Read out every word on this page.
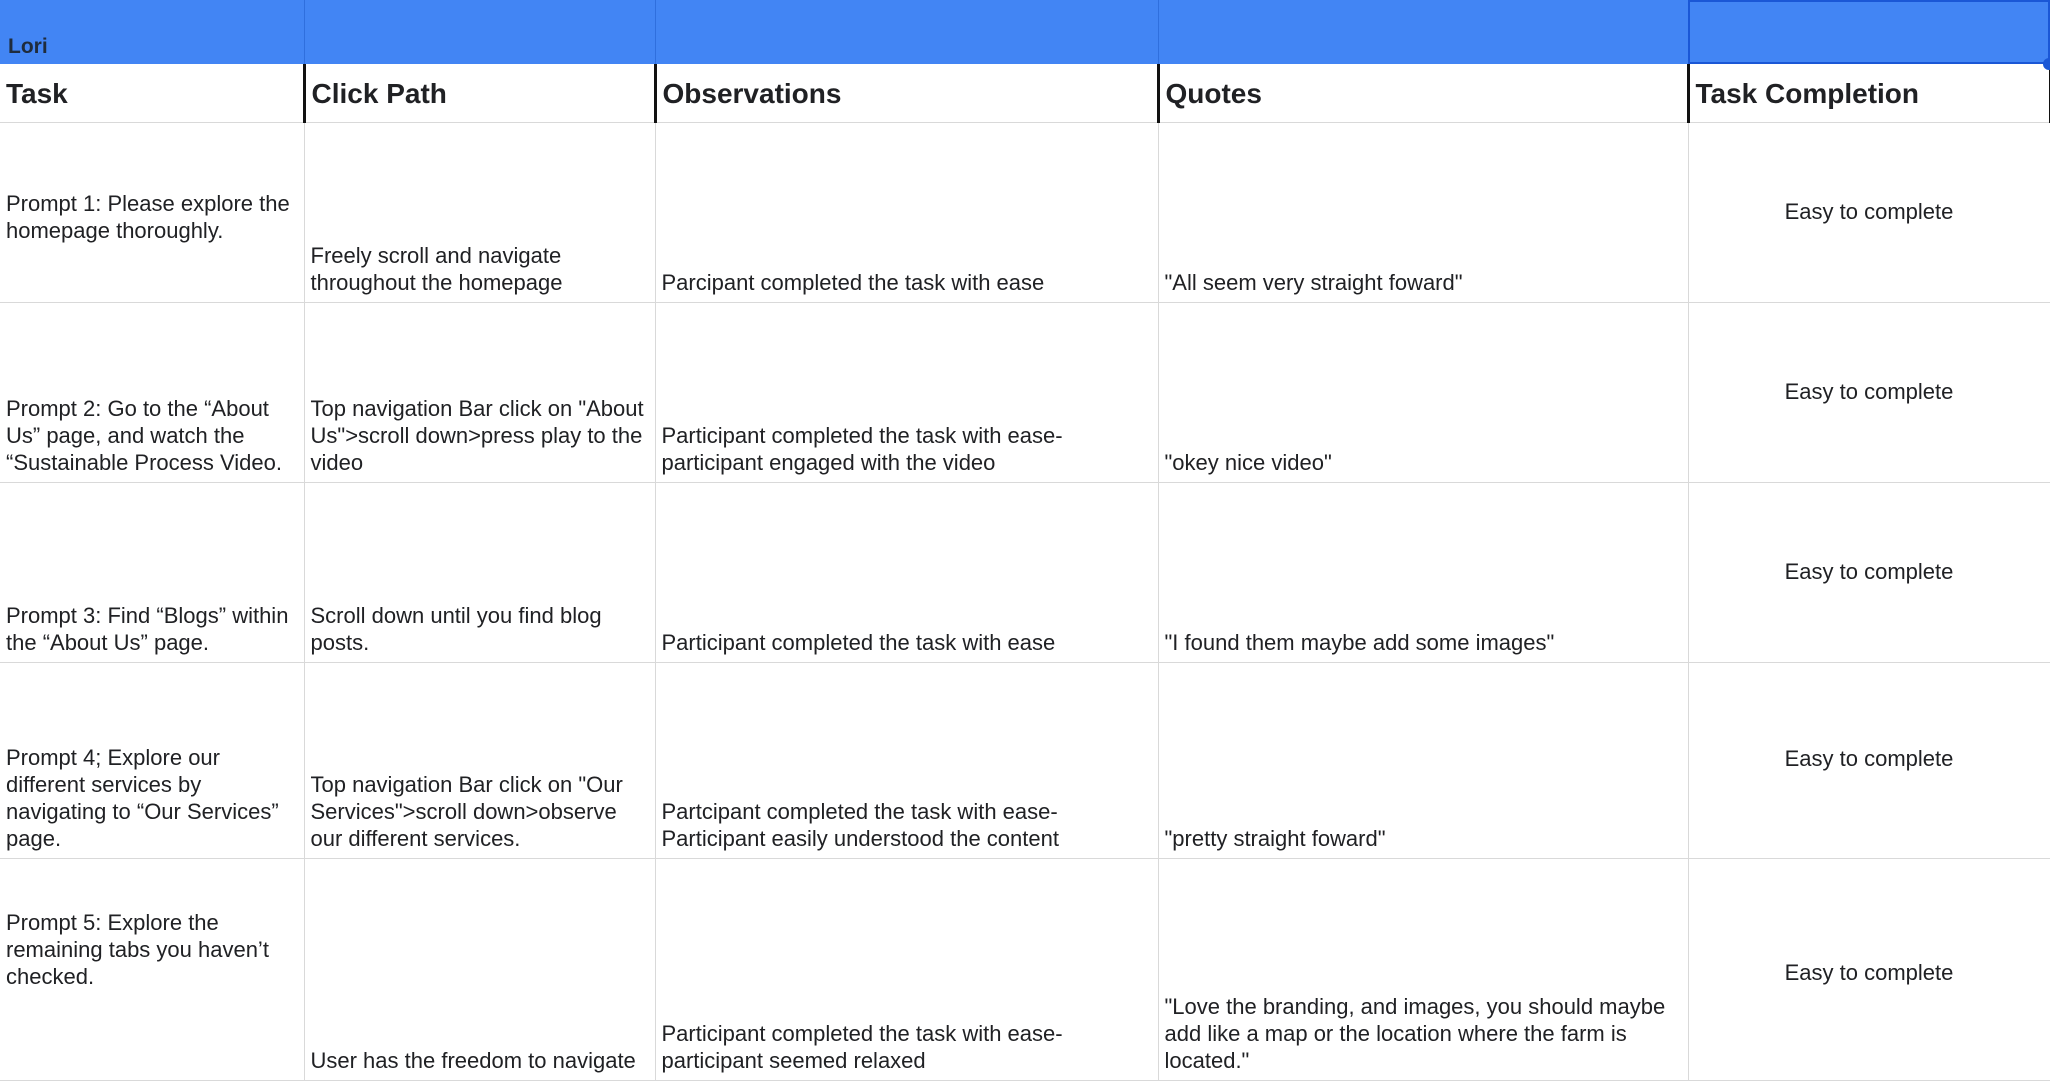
Lori				
Task	Click Path	Observations	Quotes	Task Completion
Prompt 1: Please explore the homepage thoroughly.	Freely scroll and navigate throughout the homepage	Parcipant completed the task with ease	"All seem very straight foward"	Easy to complete

Prompt 2: Go to the “About Us” page, and watch the “Sustainable Process Video.	Top navigation Bar click on "About Us">scroll down>press play to the video	Participant completed the task with ease-participant engaged with the video	"okey nice video"	Easy to complete

Prompt 3: Find “Blogs” within the “About Us” page.	Scroll down until you find blog posts.	Participant completed the task with ease	"I found them maybe add some images"	Easy to complete

Prompt 4; Explore our different services by navigating to “Our Services” page.	Top navigation Bar click on "Our Services">scroll down>observe our different services.	Partcipant completed the task with ease-Participant easily understood the content	"pretty straight foward"	Easy to complete

Prompt 5: Explore the remaining tabs you haven’t checked.	User has the freedom to navigate	Participant completed the task with ease-participant seemed relaxed	"Love the branding, and images, you should maybe add like a map or the location where the farm is located."	Easy to complete
